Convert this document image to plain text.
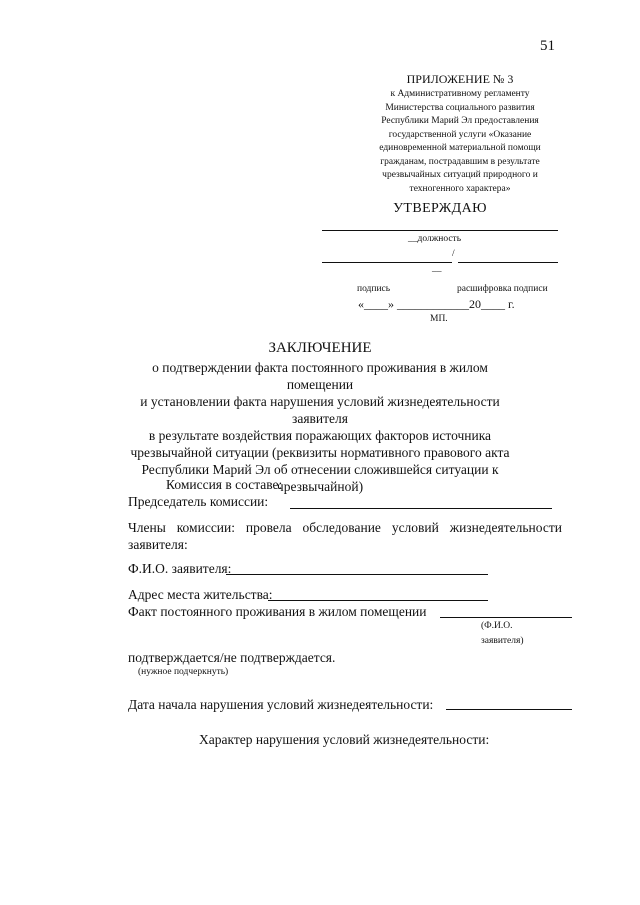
51
ПРИЛОЖЕНИЕ № 3
к Административному регламенту
Министерства социального развития
Республики Марий Эл предоставления
государственной услуги «Оказание
единовременной материальной помощи
гражданам, пострадавшим в результате
чрезвычайных ситуаций природного и
техногенного характера»
УТВЕРЖДАЮ
__должность
/
__
подпись	расшифровка подписи
«____» ____________20____ г.
МП.
ЗАКЛЮЧЕНИЕ
о подтверждении факта постоянного проживания в жилом помещении
и установлении факта нарушения условий жизнедеятельности заявителя
в результате воздействия поражающих факторов источника
чрезвычайной ситуации (реквизиты нормативного правового акта
Республики Марий Эл об отнесении сложившейся ситуации к
чрезвычайной)
Комиссия в составе:
Председатель комиссии:
Члены комиссии: провела обследование условий жизнедеятельности
заявителя:
Ф.И.О. заявителя:
Адрес места жительства:
Факт постоянного проживания в жилом помещении
(Ф.И.О.
заявителя)
подтверждается/не подтверждается.
(нужное подчеркнуть)
Дата начала нарушения условий жизнедеятельности:
Характер нарушения условий жизнедеятельности:
